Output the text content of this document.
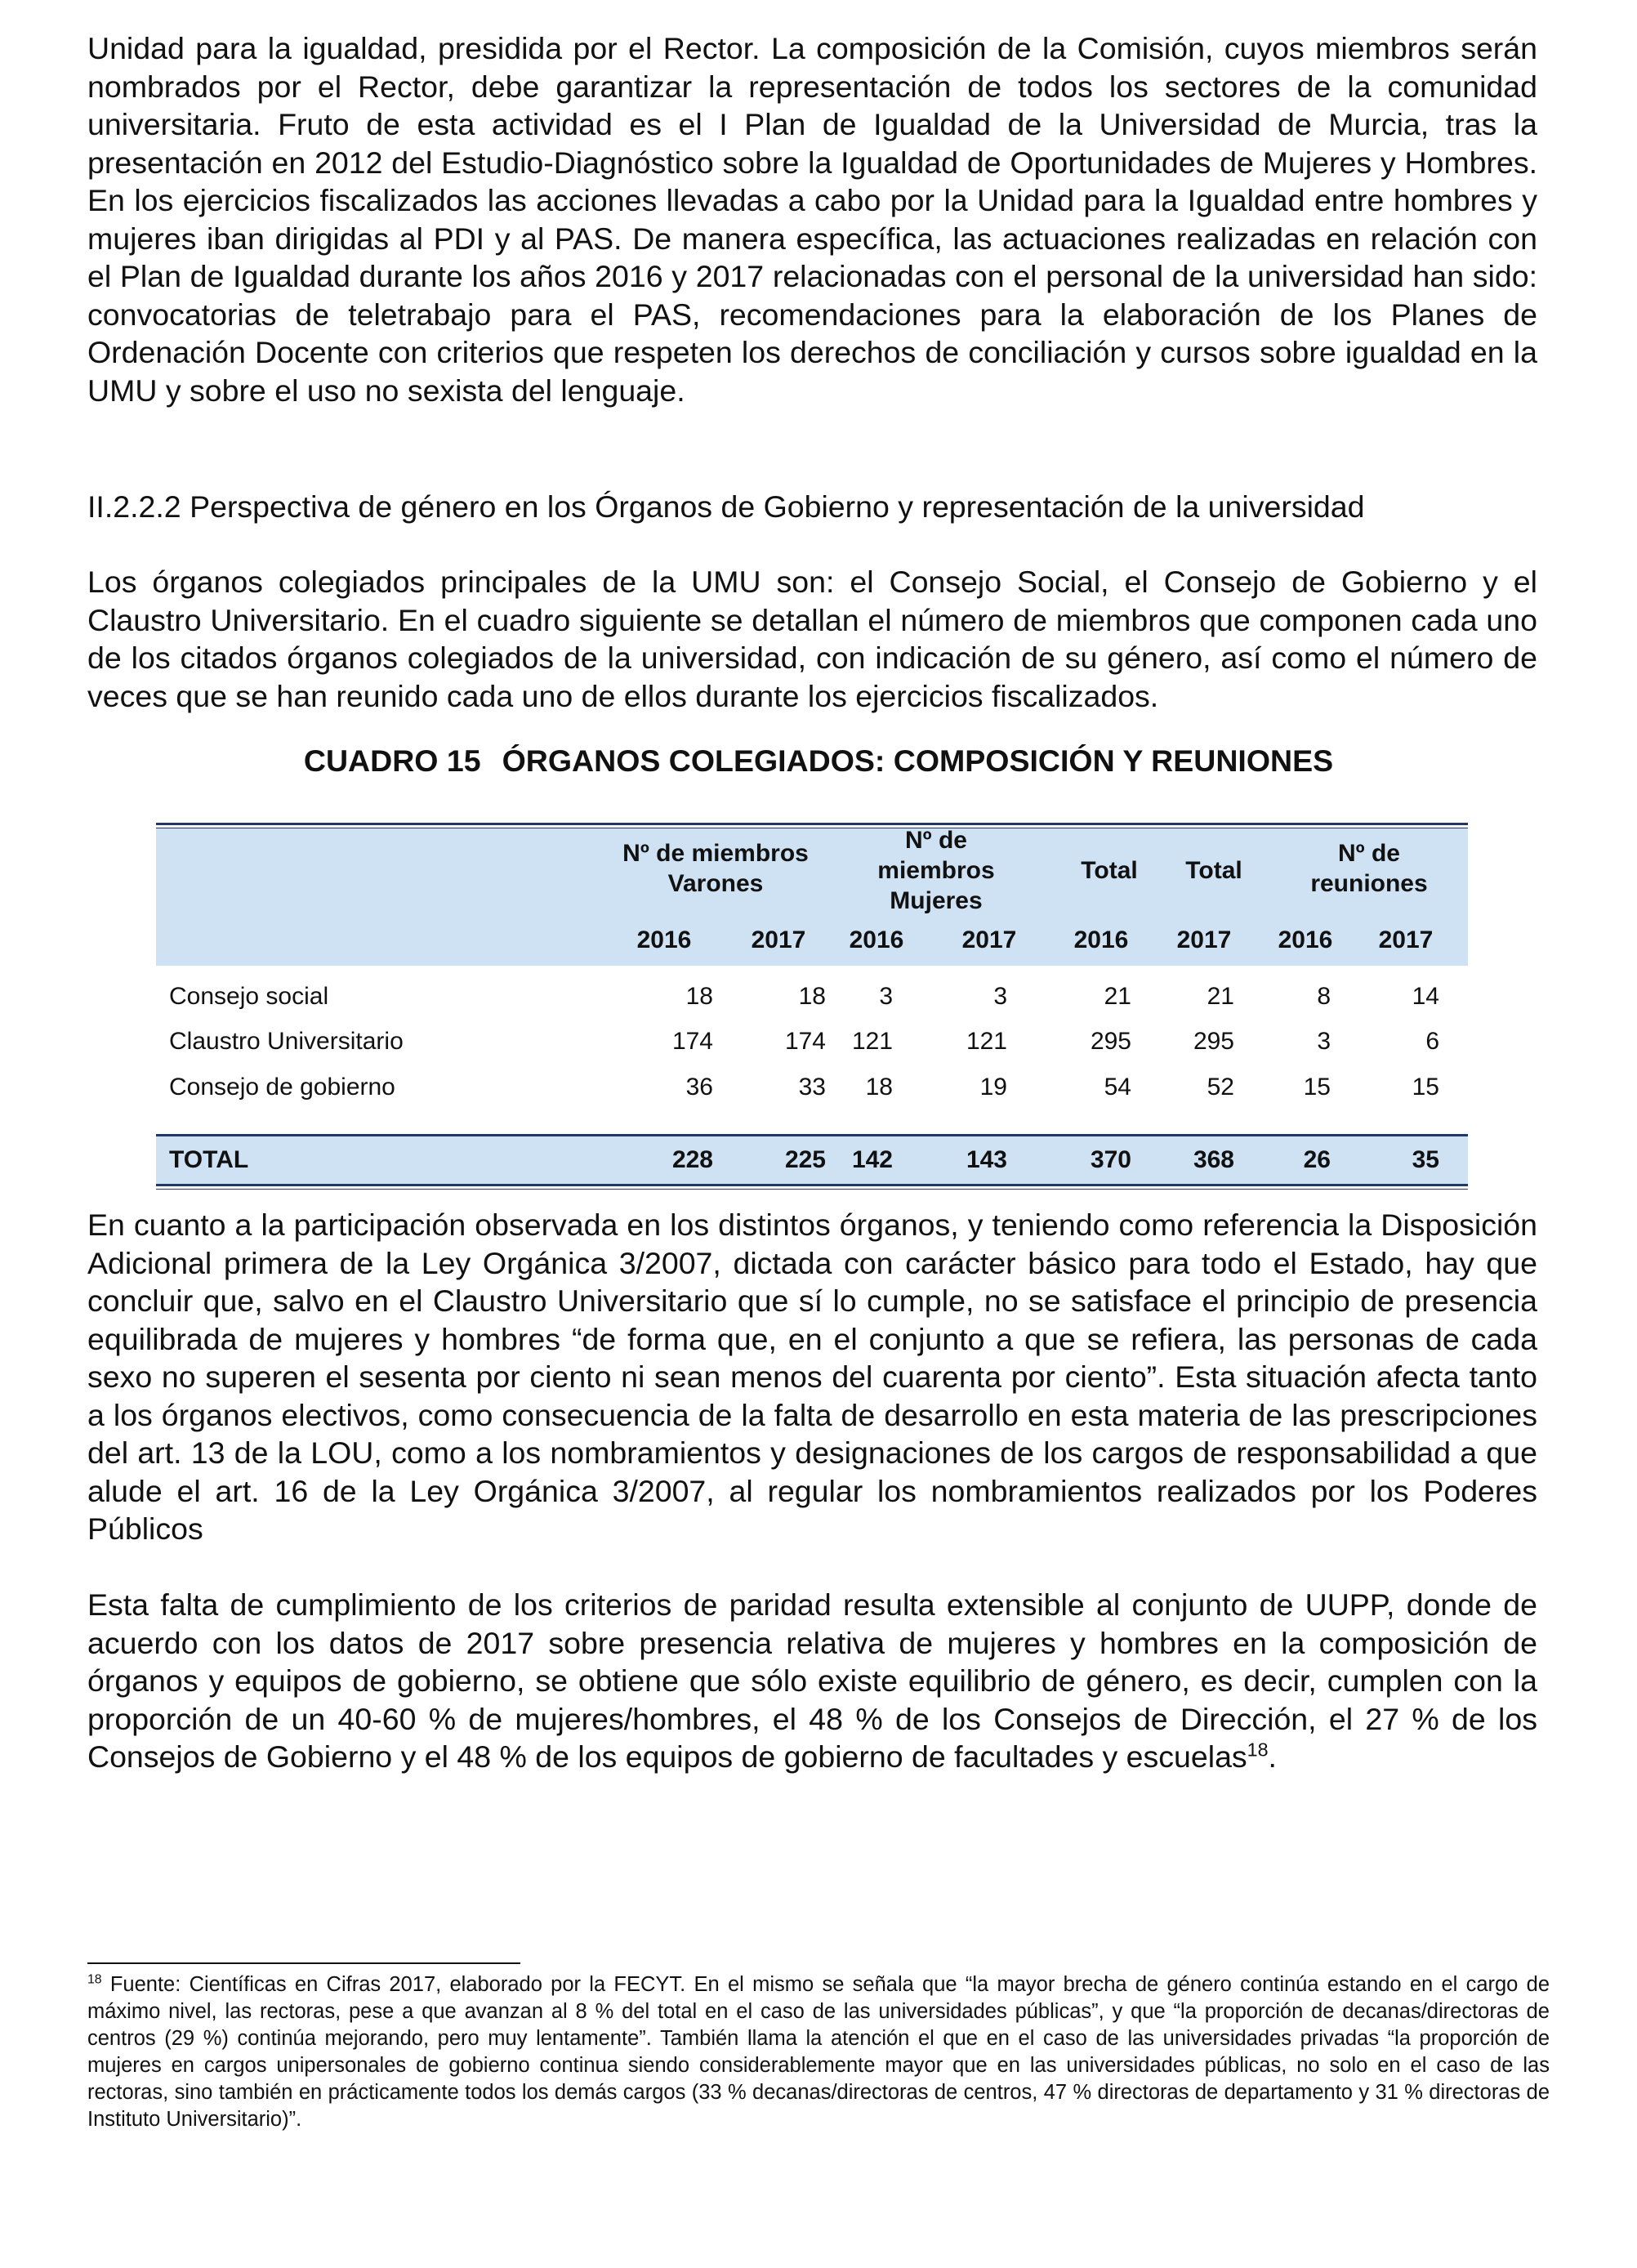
Unidad para la igualdad, presidida por el Rector. La composición de la Comisión, cuyos miembros serán nombrados por el Rector, debe garantizar la representación de todos los sectores de la comunidad universitaria. Fruto de esta actividad es el I Plan de Igualdad de la Universidad de Murcia, tras la presentación en 2012 del Estudio-Diagnóstico sobre la Igualdad de Oportunidades de Mujeres y Hombres. En los ejercicios fiscalizados las acciones llevadas a cabo por la Unidad para la Igualdad entre hombres y mujeres iban dirigidas al PDI y al PAS. De manera específica, las actuaciones realizadas en relación con el Plan de Igualdad durante los años 2016 y 2017 relacionadas con el personal de la universidad han sido: convocatorias de teletrabajo para el PAS, recomendaciones para la elaboración de los Planes de Ordenación Docente con criterios que respeten los derechos de conciliación y cursos sobre igualdad en la UMU y sobre el uso no sexista del lenguaje.

II.2.2.2 Perspectiva de género en los Órganos de Gobierno y representación de la universidad

Los órganos colegiados principales de la UMU son: el Consejo Social, el Consejo de Gobierno y el Claustro Universitario. En el cuadro siguiente se detallan el número de miembros que componen cada uno de los citados órganos colegiados de la universidad, con indicación de su género, así como el número de veces que se han reunido cada uno de ellos durante los ejercicios fiscalizados.

CUADRO 15 ÓRGANOS COLEGIADOS: COMPOSICIÓN Y REUNIONES
Nº de miembros
Varones
Nº de
miembros
Mujeres
Total	Total
Nº de
reuniones
2016	2017	2016	2017	2016	2017	2016	2017
Consejo social	18	18	3	3	21	21	8	14
Claustro Universitario	174	174	121	121	295	295	3	6
Consejo de gobierno	36	33	18	19	54	52	15	15
TOTAL	228	225	142	143	370	368	26	35

En cuanto a la participación observada en los distintos órganos, y teniendo como referencia la Disposición Adicional primera de la Ley Orgánica 3/2007, dictada con carácter básico para todo el Estado, hay que concluir que, salvo en el Claustro Universitario que sí lo cumple, no se satisface el principio de presencia equilibrada de mujeres y hombres “de forma que, en el conjunto a que se refiera, las personas de cada sexo no superen el sesenta por ciento ni sean menos del cuarenta por ciento”. Esta situación afecta tanto a los órganos electivos, como consecuencia de la falta de desarrollo en esta materia de las prescripciones del art. 13 de la LOU, como a los nombramientos y designaciones de los cargos de responsabilidad a que alude el art. 16 de la Ley Orgánica 3/2007, al regular los nombramientos realizados por los Poderes Públicos

Esta falta de cumplimiento de los criterios de paridad resulta extensible al conjunto de UUPP, donde de acuerdo con los datos de 2017 sobre presencia relativa de mujeres y hombres en la composición de órganos y equipos de gobierno, se obtiene que sólo existe equilibrio de género, es decir, cumplen con la proporción de un 40-60 % de mujeres/hombres, el 48 % de los Consejos de Dirección, el 27 % de los Consejos de Gobierno y el 48 % de los equipos de gobierno de facultades y escuelas$^{18}$.

$^{18}$ Fuente: Científicas en Cifras 2017, elaborado por la FECYT. En el mismo se señala que “la mayor brecha de género continúa estando en el cargo de máximo nivel, las rectoras, pese a que avanzan al 8 % del total en el caso de las universidades públicas”, y que “la proporción de decanas/directoras de centros (29 %) continúa mejorando, pero muy lentamente”. También llama la atención el que en el caso de las universidades privadas “la proporción de mujeres en cargos unipersonales de gobierno continua siendo considerablemente mayor que en las universidades públicas, no solo en el caso de las rectoras, sino también en prácticamente todos los demás cargos (33 % decanas/directoras de centros, 47 % directoras de departamento y 31 % directoras de Instituto Universitario)”.
